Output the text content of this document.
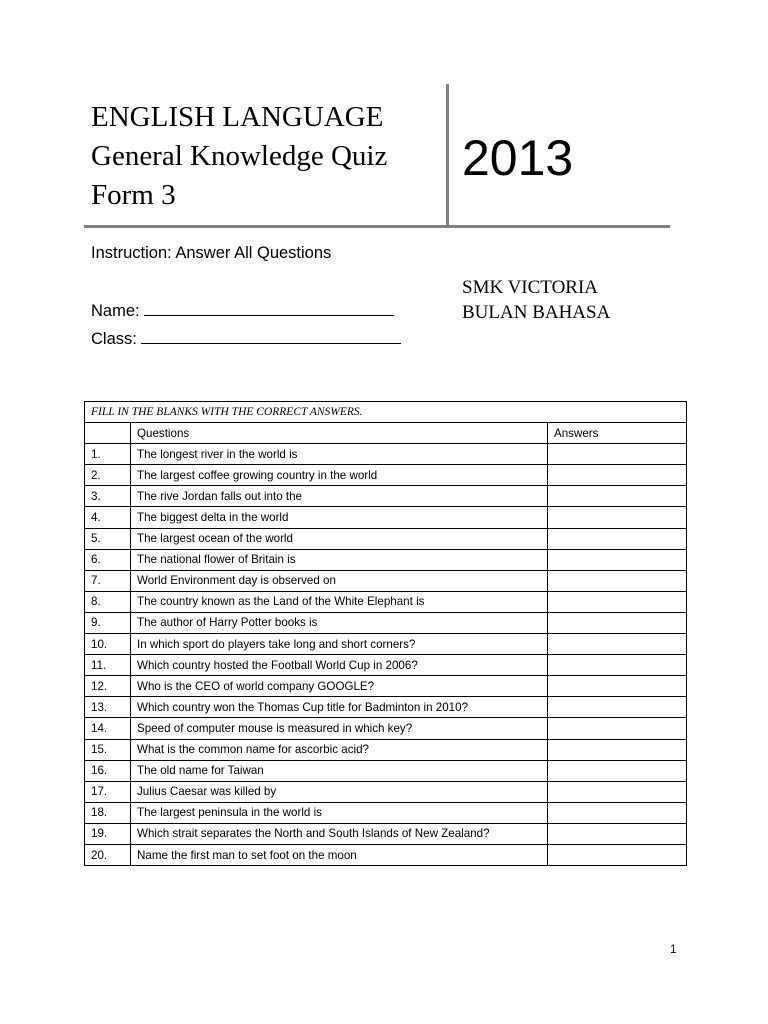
ENGLISH LANGUAGE
General Knowledge Quiz
Form 3
2013
Instruction: Answer All Questions
SMK VICTORIA
BULAN BAHASA
Name:
Class:
FILL IN THE BLANKS WITH THE CORRECT ANSWERS.		
	Questions	Answers
1.	The longest river in the world is	
2.	The largest coffee growing country in the world	
3.	The rive Jordan falls out into the	
4.	The biggest delta in the world	
5.	The largest ocean of the world	
6.	The national flower of Britain is	
7.	World Environment day is observed on	
8.	The country known as the Land of the White Elephant is	
9.	The author of Harry Potter books is	
10.	In which sport do players take long and short corners?	
11.	Which country hosted the Football World Cup in 2006?	
12.	Who is the CEO of world company GOOGLE?	
13.	Which country won the Thomas Cup title for Badminton in 2010?	
14.	Speed of computer mouse is measured in which key?	
15.	What is the common name for ascorbic acid?	
16.	The old name for Taiwan	
17.	Julius Caesar was killed by	
18.	The largest peninsula in the world is	
19.	Which strait separates the North and South Islands of New Zealand?	
20.	Name the first man to set foot on the moon	
1
